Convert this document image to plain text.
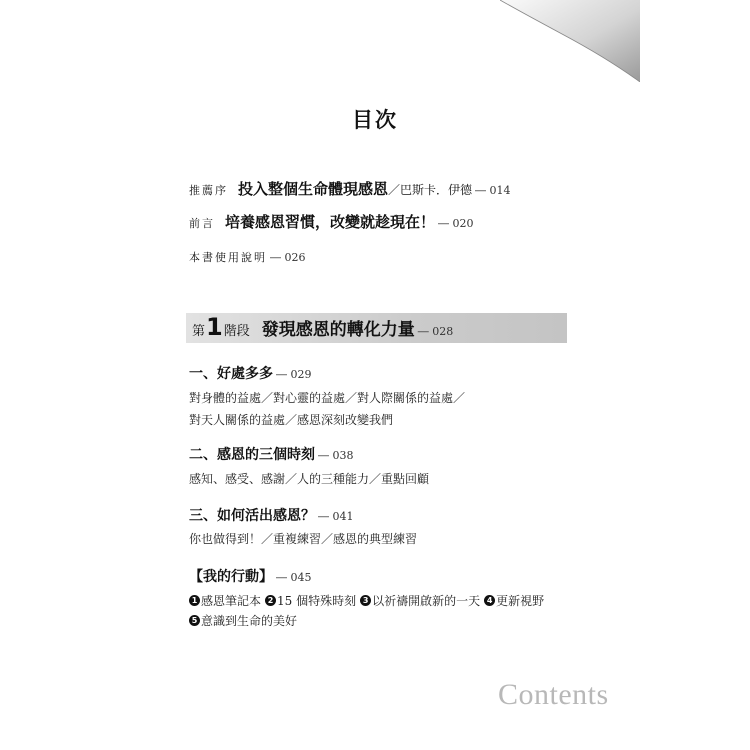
目次
推薦序 投入整個生命體現感恩／巴斯卡．伊德 ― 014
前言 培養感恩習慣，改變就趁現在！ ― 020
本書使用說明 ― 026
第 1 階段 發現感恩的轉化力量 ― 028
一、好處多多 ― 029
對身體的益處／對心靈的益處／對人際關係的益處／
對天人關係的益處／感恩深刻改變我們
二、感恩的三個時刻 ― 038
感知、感受、感謝／人的三種能力／重點回顧
三、如何活出感恩？ ― 041
你也做得到！／重複練習／感恩的典型練習
【我的行動】 ― 045
1 感恩筆記本 2 15 個特殊時刻 3 以祈禱開啟新的一天 4 更新視野
5 意識到生命的美好
Contents
